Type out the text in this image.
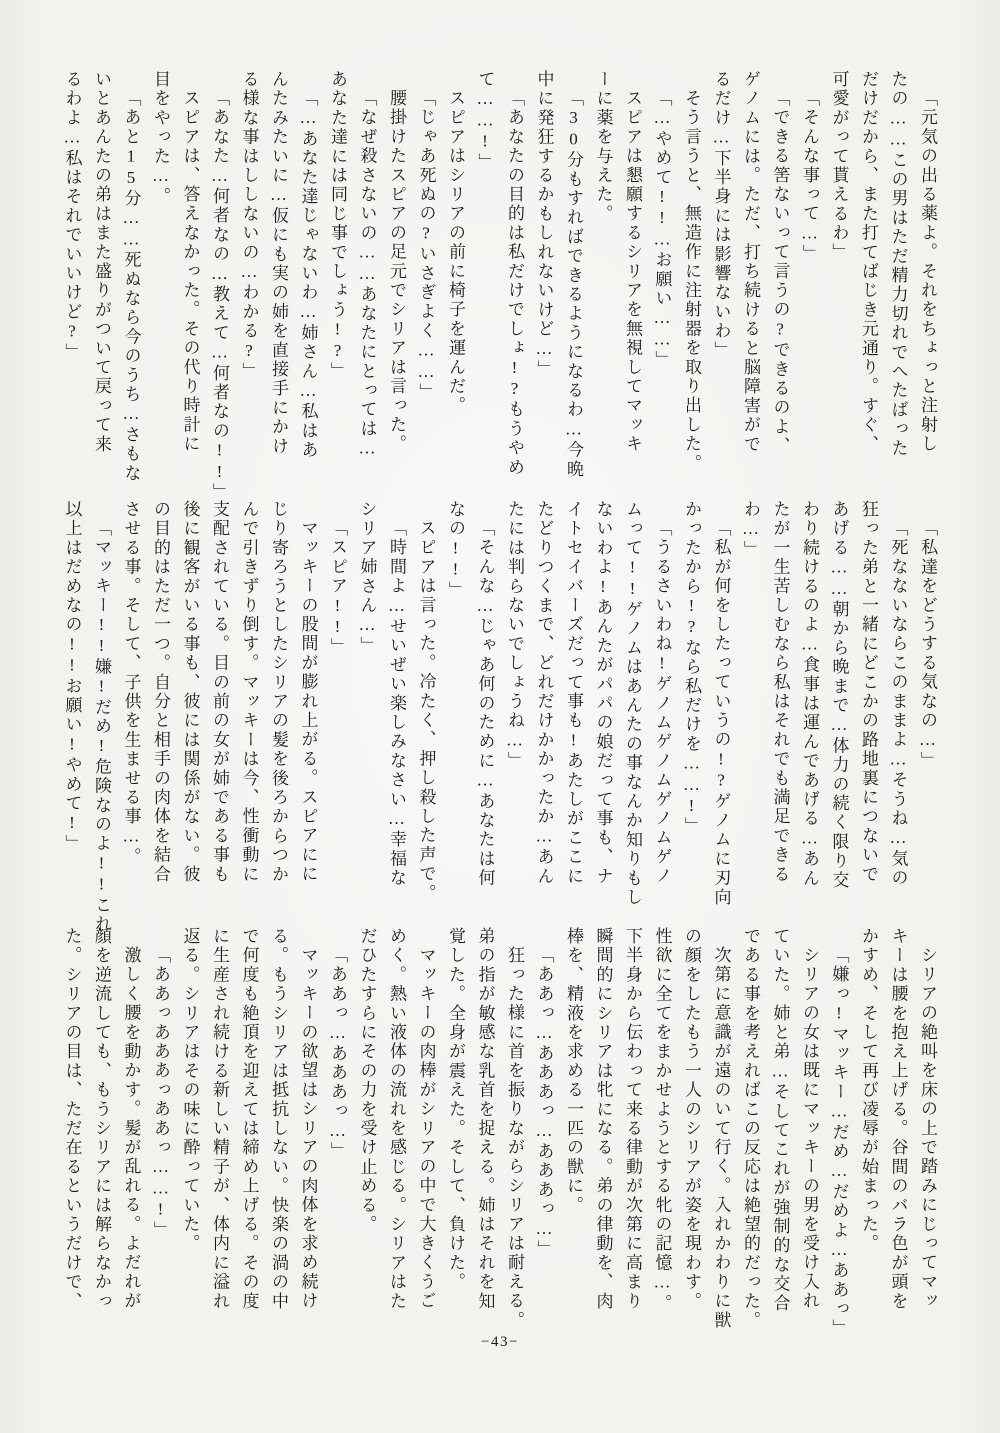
「元気の出る薬よ。それをちょっと注射し

たの……この男はただ精力切れでへたばった

だけだから、また打てばじき元通り。すぐ、

可愛がって貰えるわ」

「そんな事って…」

「できる筈ないって言うの?できるのよ、

ゲノムには。ただ、打ち続けると脳障害がで

るだけ…下半身には影響ないわ」

そう言うと、無造作に注射器を取り出した。

「…やめて!!…お願い……」

スピアは懇願するシリアを無視してマッキ

ーに薬を与えた。

「30分もすればできるようになるわ…今晩

中に発狂するかもしれないけど…」

「あなたの目的は私だけでしょ!?もうやめ

て……!」

スピアはシリアの前に椅子を運んだ。

「じゃあ死ぬの?いさぎよく……」

腰掛けたスピアの足元でシリアは言った。

「なぜ殺さないの……あなたにとっては…

あなた達には同じ事でしょう!?」

「…あなた達じゃないわ…姉さん…私はあ

んたみたいに…仮にも実の姉を直接手にかけ

る様な事はししないの…わかる?」

「あなた…何者なの…教えて…何者なの!!」

スピアは、答えなかった。その代り時計に

目をやった…。

「あと15分……死ぬなら今のうち…さもな

いとあんたの弟はまた盛りがついて戻って来

るわよ…私はそれでいいけど?」

「私達をどうする気なの…」

「死なないならこのままよ…そうね…気の

狂った弟と一緒にどこかの路地裏につないで

あげる……朝から晩まで…体力の続く限り交

わり続けるのよ…食事は運んであげる…あん

たが一生苦しむなら私はそれでも満足できる

わ…」

「私が何をしたっていうの!?ゲノムに刃向

かったから!?なら私だけを……!」

「うるさいわね!ゲノムゲノムゲノムゲノ

ムって!!ゲノムはあんたの事なんか知りもし

ないわよ!あんたがパパの娘だって事も、ナ

イトセイバーズだって事も!あたしがここに

たどりつくまで、どれだけかかったか…あん

たには判らないでしょうね…」

「そんな…じゃあ何のために…あなたは何

なの!!」

スピアは言った。冷たく、押し殺した声で。

「時間よ…せいぜい楽しみなさい…幸福な

シリア姉さん…」

「スピア!!」

マッキーの股間が膨れ上がる。スピアにに

じり寄ろうとしたシリアの髪を後ろからつか

んで引きずり倒す。マッキーは今、性衝動に

支配されている。目の前の女が姉である事も

後に観客がいる事も、彼には関係がない。彼

の目的はただ一つ。自分と相手の肉体を結合

させる事。そして、子供を生ませる事…。

「マッキー!!嫌!だめ!危険なのよ!!これ

以上はだめなの!!お願い!やめて!」

シリアの絶叫を床の上で踏みにじってマッ

キーは腰を抱え上げる。谷間のバラ色が頭を

かすめ、そして再び凌辱が始まった。

「嫌っ!マッキー…だめ…だめよ…ああっ」

シリアの女は既にマッキーの男を受け入れ

ていた。姉と弟…そしてこれが強制的な交合

である事を考えればこの反応は絶望的だった。

次第に意識が遠のいて行く。入れかわりに獣

の顔をしたもう一人のシリアが姿を現わす。

性欲に全てをまかせようとする牝の記憶…。

下半身から伝わって来る律動が次第に高まり

瞬間的にシリアは牝になる。弟の律動を、肉

棒を、精液を求める一匹の獣に。

「ああっ…あああっ…あああっ…」

狂った様に首を振りながらシリアは耐える。

弟の指が敏感な乳首を捉える。姉はそれを知

覚した。全身が震えた。そして、負けた。

マッキーの肉棒がシリアの中で大きくうご

めく。熱い液体の流れを感じる。シリアはた

だひたすらにその力を受け止める。

「ああっ…あああっ…」

マッキーの欲望はシリアの肉体を求め続け

る。もうシリアは抵抗しない。快楽の渦の中

で何度も絶頂を迎えては締め上げる。その度

に生産され続ける新しい精子が、体内に溢れ

返る。シリアはその味に酔っていた。

「ああっあああっああっ……!」

激しく腰を動かす。髪が乱れる。よだれが

顔を逆流しても、もうシリアには解らなかっ

た。シリアの目は、ただ在るというだけで、

−43−
